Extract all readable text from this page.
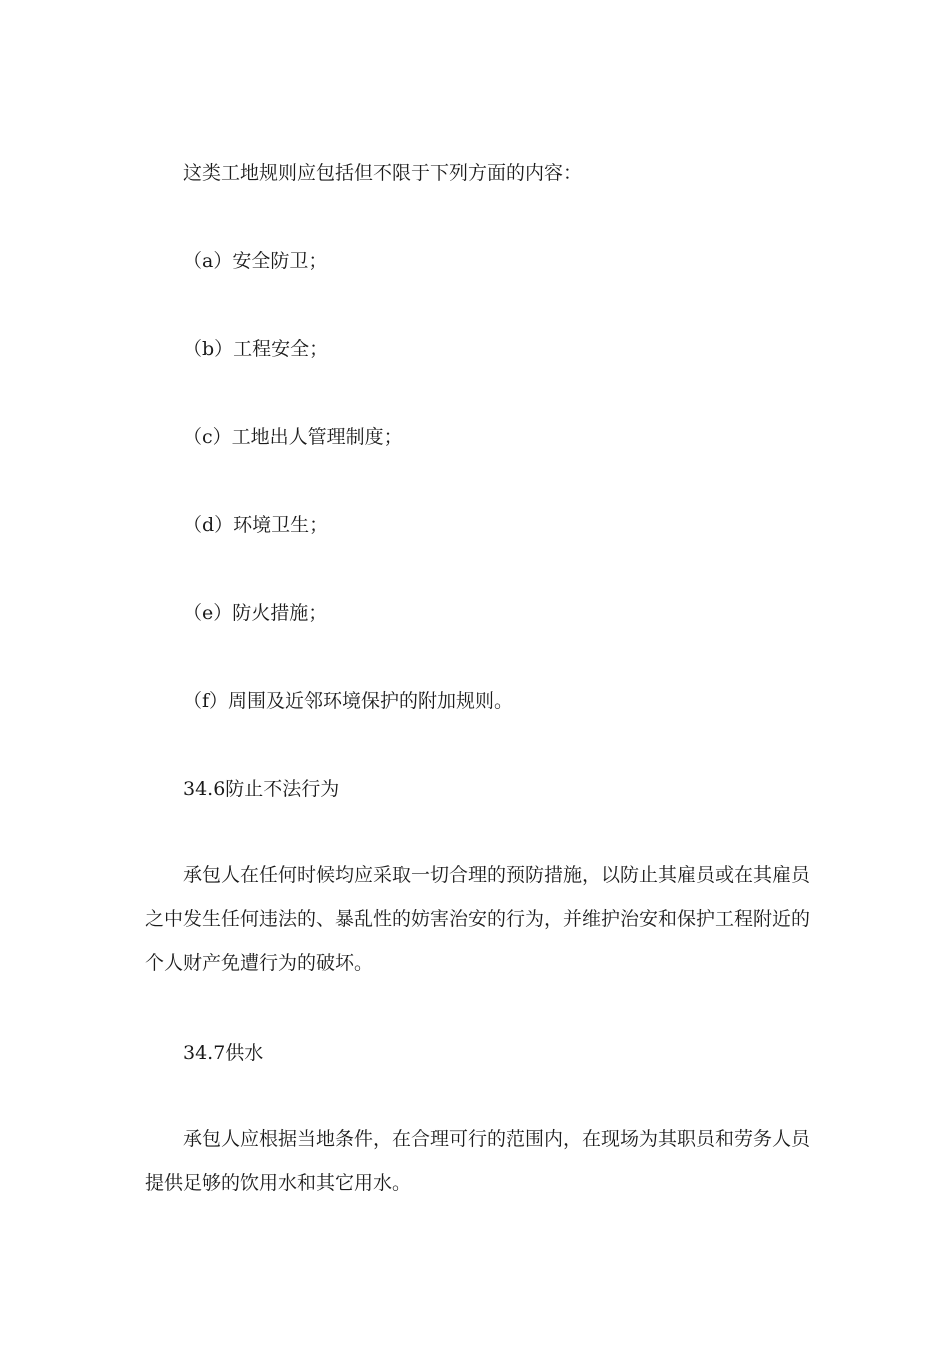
这类工地规则应包括但不限于下列方面的内容：
（a）安全防卫；
（b）工程安全；
（c）工地出人管理制度；
（d）环境卫生；
（e）防火措施；
（f）周围及近邻环境保护的附加规则。
34.6防止不法行为
承包人在任何时候均应采取一切合理的预防措施，以防止其雇员或在其雇员之中发生任何违法的、暴乱性的妨害治安的行为，并维护治安和保护工程附近的个人财产免遭行为的破坏。
34.7供水
承包人应根据当地条件，在合理可行的范围内，在现场为其职员和劳务人员提供足够的饮用水和其它用水。
